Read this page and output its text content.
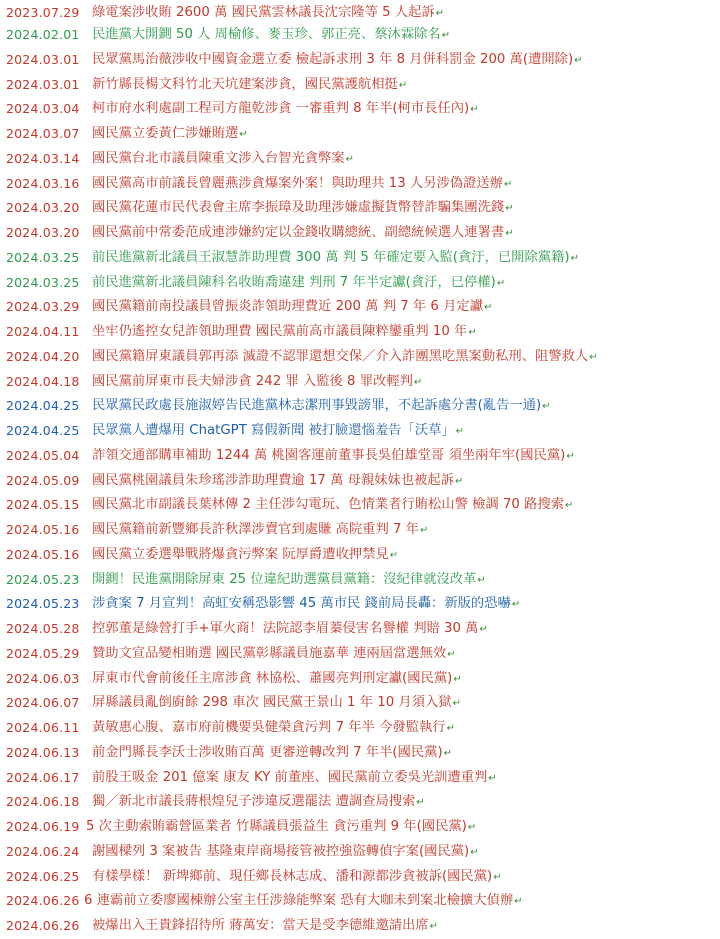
2023.07.29 綠電案涉收賄 2600 萬 國民黨雲林議長沈宗隆等 5 人起訴↵
2024.02.01 民進黨大開鍘 50 人 周榆修、麥玉珍、郭正亮、蔡沐霖除名↵
2024.03.01 民眾黨馬治薇涉收中國資金選立委 檢起訴求刑 3 年 8 月併科罰金 200 萬(遭開除)↵
2024.03.01 新竹縣長楊文科竹北天坑建案涉貪，國民黨護航相挺↵
2024.03.04 柯市府水利處副工程司方龍乾涉貪 一審重判 8 年半(柯市長任內)↵
2024.03.07 國民黨立委黃仁涉嫌賄選↵
2024.03.14 國民黨台北市議員陳重文涉入台智光貪弊案↵
2024.03.16 國民黨高市前議長曾麗燕涉貪爆案外案！與助理共 13 人另涉偽證送辦↵
2024.03.20 國民黨花蓮市民代表會主席李振璋及助理涉嫌虛擬貨幣替詐騙集團洗錢↵
2024.03.20 國民黨前中常委范成連涉嫌約定以金錢收購總統、副總統候選人連署書↵
2024.03.25 前民進黨新北議員王淑慧詐助理費 300 萬 判 5 年確定要入監(貪汙，已開除黨籍)↵
2024.03.25 前民進黨新北議員陳科名收賄喬違建 判刑 7 年半定讞(貪汙，已停權)↵
2024.03.29 國民黨籍前南投議員曾振炎詐領助理費近 200 萬 判 7 年 6 月定讞↵
2024.04.11 坐牢仍遙控女兒詐領助理費 國民黨前高市議員陳粹鑾重判 10 年↵
2024.04.20 國民黨籍屏東議員郭再添 滅證不認罪還想交保／介入詐團黑吃黑案動私刑、阻警救人↵
2024.04.18 國民黨前屏東市長夫婦涉貪 242 罪 入監後 8 罪改輕判↵
2024.04.25 民眾黨民政處長施淑婷告民進黨林志潔刑事毀謗罪，不起訴處分書(亂告一通)↵
2024.04.25 民眾黨人遭爆用 ChatGPT 寫假新聞 被打臉還惱羞告「沃草」↵
2024.05.04 詐領交通部購車補助 1244 萬 桃園客運前董事長吳伯雄堂哥 須坐兩年牢(國民黨)↵
2024.05.09 國民黨桃園議員朱珍瑤涉詐助理費逾 17 萬 母親妹妹也被起訴↵
2024.05.15 國民黨北市副議長葉林傳 2 主任涉勾電玩、色情業者行賄松山警 檢調 70 路搜索↵
2024.05.16 國民黨籍前新豐鄉長許秋澤涉賣官到處賺 高院重判 7 年↵
2024.05.16 國民黨立委選舉戰將爆貪污弊案 阮厚爵遭收押禁見↵
2024.05.23 開鍘！民進黨開除屏東 25 位違紀助選黨員黨籍：沒紀律就沒改革↵
2024.05.23 涉貪案 7 月宣判！高虹安稱恐影響 45 萬市民 錢前局長轟：新版的恐嚇↵
2024.05.28 控郭董是綠營打手+軍火商！法院認李眉蓁侵害名譽權 判賠 30 萬↵
2024.05.29 贊助文宣品變相賄選 國民黨彰縣議員施嘉華 連兩屆當選無效↵
2024.06.03 屏東市代會前後任主席涉貪 林協松、蕭國亮判刑定讞(國民黨)↵
2024.06.07 屏縣議員亂倒廚餘 298 車次 國民黨王景山 1 年 10 月須入獄↵
2024.06.11 黃敏惠心腹、嘉市府前機要吳健榮貪污判 7 年半 今發監執行↵
2024.06.13 前金門縣長李沃士涉收賄百萬 更審逆轉改判 7 年半(國民黨)↵
2024.06.17 前股王吸金 201 億案 康友 KY 前董座、國民黨前立委吳光訓遭重判↵
2024.06.18 獨／新北市議長蔣根煌兒子涉違反選罷法 遭調查局搜索↵
2024.06.19 5 次主動索賄霸營區業者 竹縣議員張益生 貪污重判 9 年(國民黨)↵
2024.06.24 謝國樑列 3 案被告 基隆東岸商場接管被控強盜轉偵字案(國民黨)↵
2024.06.25 有樣學樣！ 新埤鄉前、現任鄉長林志成、潘和源都涉貪被訴(國民黨)↵
2024.06.26 6 連霸前立委廖國棟辦公室主任涉綠能弊案 恐有大咖未到案北檢擴大偵辦↵
2024.06.26 被爆出入王貴鋒招待所 蔣萬安：當天是受李德維邀請出席↵
